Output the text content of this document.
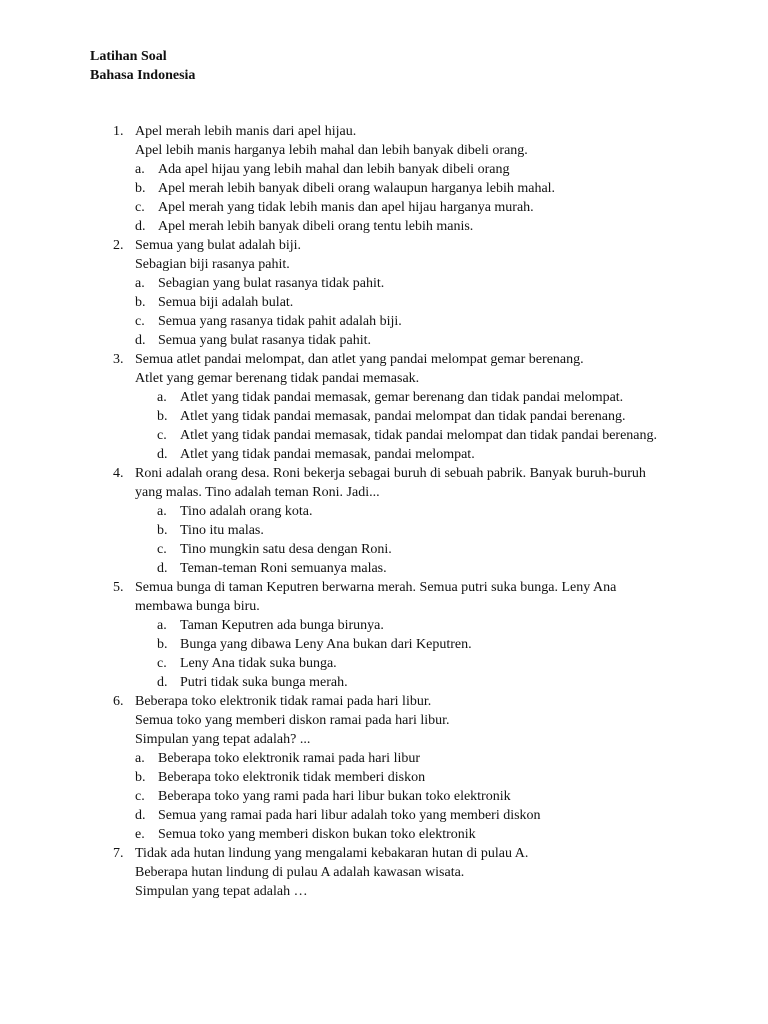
Latihan Soal
Bahasa Indonesia
1. Apel merah lebih manis dari apel hijau.
Apel lebih manis harganya lebih mahal dan lebih banyak dibeli orang.
a. Ada apel hijau yang lebih mahal dan lebih banyak dibeli orang
b. Apel merah lebih banyak dibeli orang walaupun harganya lebih mahal.
c. Apel merah yang tidak lebih manis dan apel hijau harganya murah.
d. Apel merah lebih banyak dibeli orang tentu lebih manis.
2. Semua yang bulat adalah biji.
Sebagian biji rasanya pahit.
a. Sebagian yang bulat rasanya tidak pahit.
b. Semua biji adalah bulat.
c. Semua yang rasanya tidak pahit adalah biji.
d. Semua yang bulat rasanya tidak pahit.
3. Semua atlet pandai melompat, dan atlet yang pandai melompat gemar berenang.
Atlet yang gemar berenang tidak pandai memasak.
a. Atlet yang tidak pandai memasak, gemar berenang dan tidak pandai melompat.
b. Atlet yang tidak pandai memasak, pandai melompat dan tidak pandai berenang.
c. Atlet yang tidak pandai memasak, tidak pandai melompat dan tidak pandai berenang.
d. Atlet yang tidak pandai memasak, pandai melompat.
4. Roni adalah orang desa. Roni bekerja sebagai buruh di sebuah pabrik. Banyak buruh-buruh yang malas. Tino adalah teman Roni. Jadi...
a. Tino adalah orang kota.
b. Tino itu malas.
c. Tino mungkin satu desa dengan Roni.
d. Teman-teman Roni semuanya malas.
5. Semua bunga di taman Keputren berwarna merah. Semua putri suka bunga. Leny Ana membawa bunga biru.
a. Taman Keputren ada bunga birunya.
b. Bunga yang dibawa Leny Ana bukan dari Keputren.
c. Leny Ana tidak suka bunga.
d. Putri tidak suka bunga merah.
6. Beberapa toko elektronik tidak ramai pada hari libur.
Semua toko yang memberi diskon ramai pada hari libur.
Simpulan yang tepat adalah? ...
a. Beberapa toko elektronik ramai pada hari libur
b. Beberapa toko elektronik tidak memberi diskon
c. Beberapa toko yang rami pada hari libur bukan toko elektronik
d. Semua yang ramai pada hari libur adalah toko yang memberi diskon
e. Semua toko yang memberi diskon bukan toko elektronik
7. Tidak ada hutan lindung yang mengalami kebakaran hutan di pulau A.
Beberapa hutan lindung di pulau A adalah kawasan wisata.
Simpulan yang tepat adalah …
